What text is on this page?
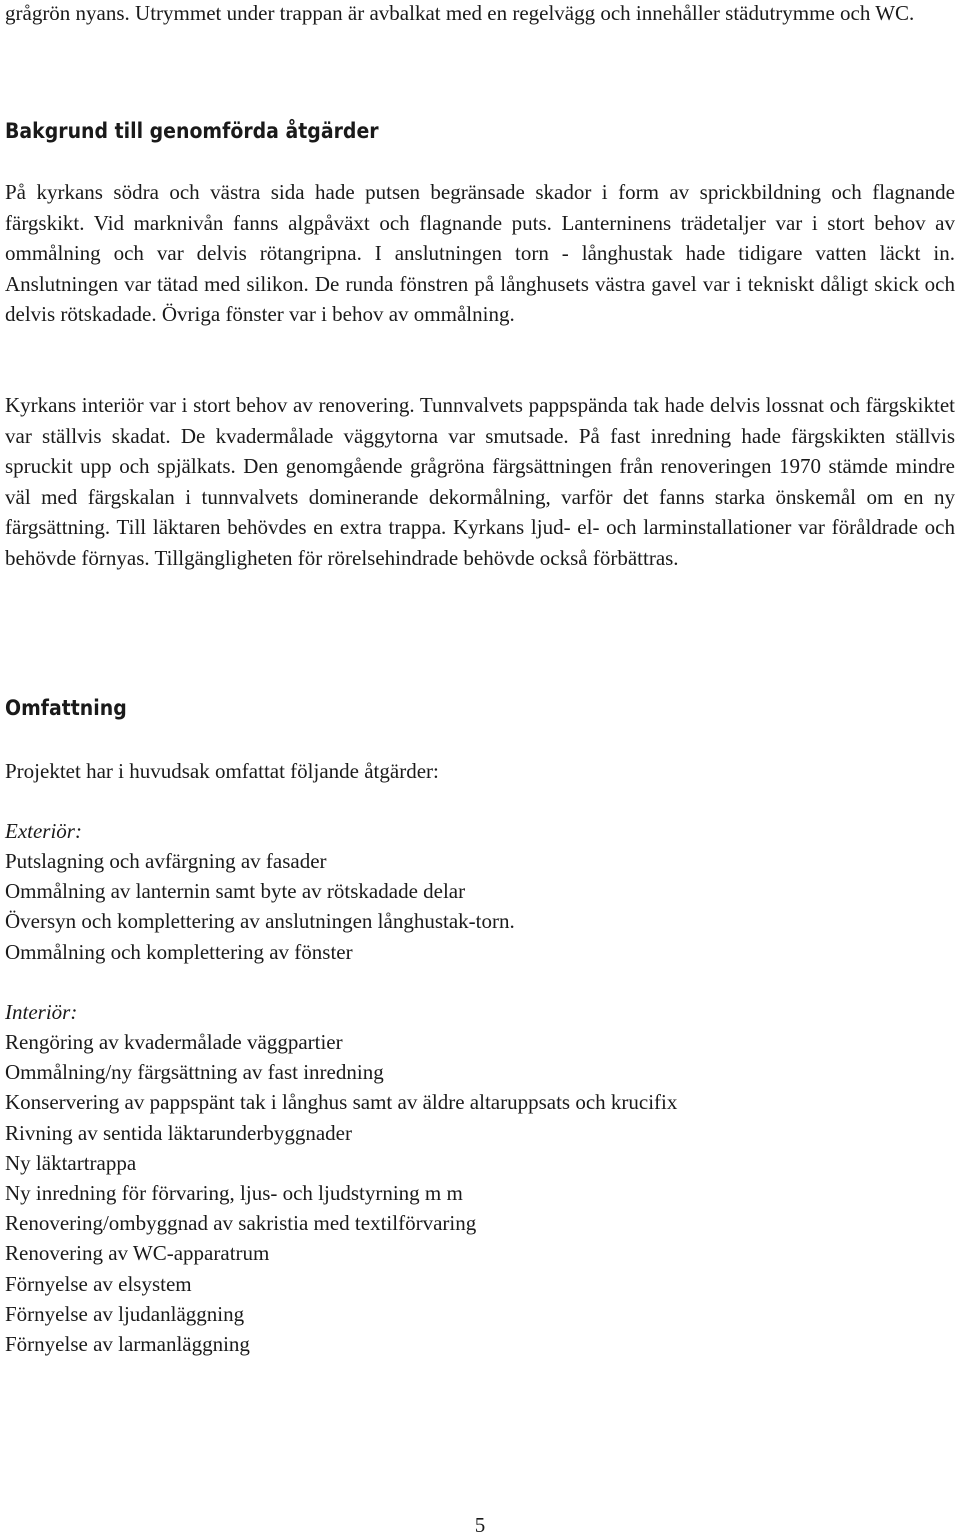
grågrön nyans. Utrymmet under trappan är avbalkat med en regelvägg och innehåller städutrymme och WC.

Bakgrund till genomförda åtgärder

På kyrkans södra och västra sida hade putsen begränsade skador i form av sprickbildning och flagnande färgskikt. Vid marknivån fanns algpåväxt och flagnande puts. Lanterninens trädetaljer var i stort behov av ommålning och var delvis rötangripna. I anslutningen torn - långhustak hade tidigare vatten läckt in. Anslutningen var tätad med silikon. De runda fönstren på långhusets västra gavel var i tekniskt dåligt skick och delvis rötskadade. Övriga fönster var i behov av ommålning.

Kyrkans interiör var i stort behov av renovering. Tunnvalvets pappspända tak hade delvis lossnat och färgskiktet var ställvis skadat. De kvadermålade väggytorna var smutsade. På fast inredning hade färgskikten ställvis spruckit upp och spjälkats. Den genomgående grågröna färgsättningen från renoveringen 1970 stämde mindre väl med färgskalan i tunnvalvets dominerande dekormålning, varför det fanns starka önskemål om en ny färgsättning. Till läktaren behövdes en extra trappa. Kyrkans ljud- el- och larminstallationer var föråldrade och behövde förnyas. Tillgängligheten för rörelsehindrade behövde också förbättras.

Omfattning

Projektet har i huvudsak omfattat följande åtgärder:

Exteriör:

Putslagning och avfärgning av fasader
Ommålning av lanternin samt byte av rötskadade delar
Översyn och komplettering av anslutningen långhustak-torn.
Ommålning och komplettering av fönster

Interiör:

Rengöring av kvadermålade väggpartier
Ommålning/ny färgsättning av fast inredning
Konservering av pappspänt tak i långhus samt av äldre altaruppsats och krucifix
Rivning av sentida läktarunderbyggnader
Ny läktartrappa
Ny inredning för förvaring, ljus- och ljudstyrning m m
Renovering/ombyggnad av sakristia med textilförvaring
Renovering av WC-apparatrum
Förnyelse av elsystem
Förnyelse av ljudanläggning
Förnyelse av larmanläggning
5
